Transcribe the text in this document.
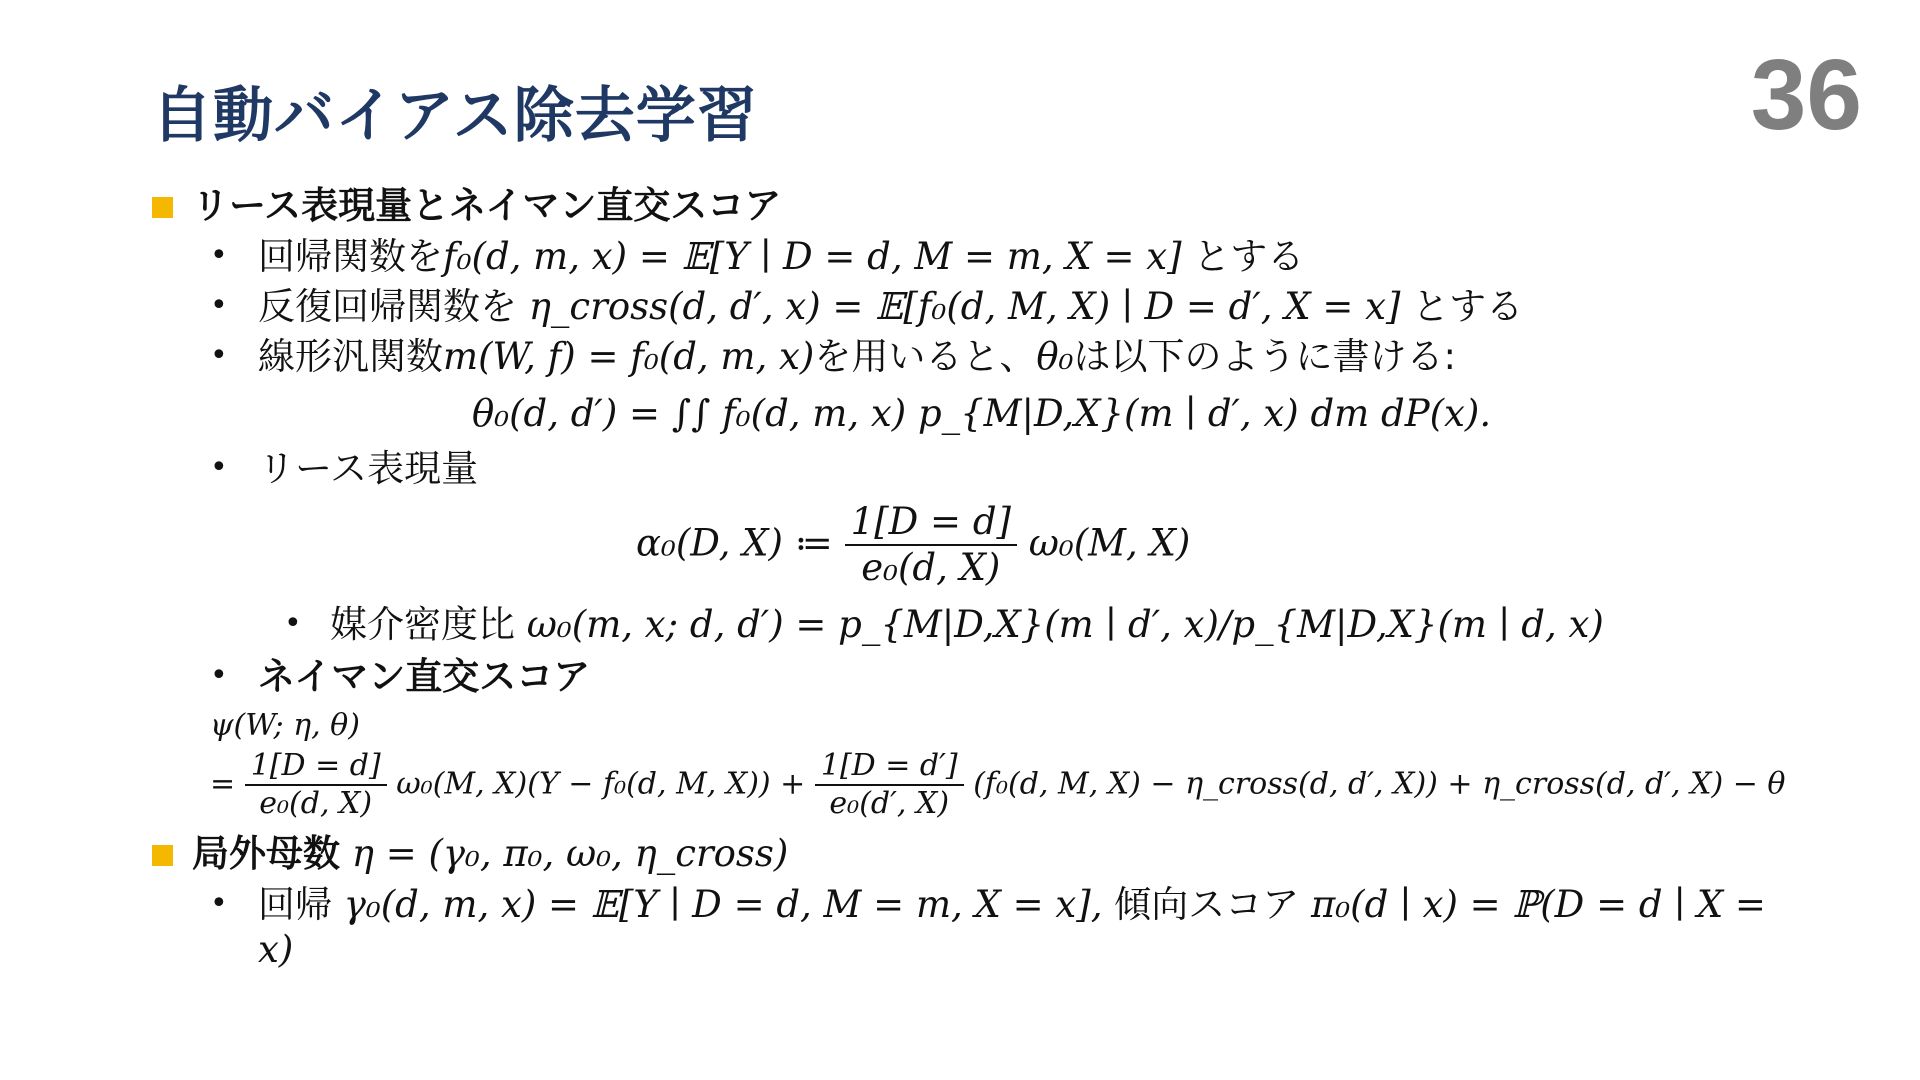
自動バイアス除去学習	36
リース表現量とネイマン直交スコア
• 回帰関数をf₀(d, m, x) = 𝔼[Y ∣ D = d, M = m, X = x] とする
• 反復回帰関数を η_cross(d, d′, x) = 𝔼[f₀(d, M, X) ∣ D = d′, X = x] とする
• 線形汎関数m(W, f) = f₀(d, m, x)を用いると、θ₀は以下のように書ける:
θ₀(d, d′) = ∫∫ f₀(d, m, x) p_{M|D,X}(m ∣ d′, x) dm dP(x).
• リース表現量
α₀(D, X) ≔ $\frac{1[D = d]}{\text{e₀(d, X)}} \omega_0(M$, X)
• 媒介密度比 ω₀(m, x; d, d′) = p_{M|D,X}(m ∣ d′, x)/p_{M|D,X}(m ∣ d, x)
• ネイマン直交スコア
ψ(W; η, θ)
= $\frac{1[D = d]}{\text{e₀(d, X)}} \omega_0(M$, X)(Y − f₀(d, M, $X)) + \frac{1[D = d']}{\text{e₀(d′, X)}} (f_0(d$, M, X) − η_cross(d, d′, X)) + η_cross(d, d′, X) − θ
局外母数 η = (γ₀, π₀, ω₀, η_cross)
• 回帰 γ₀(d, m, x) = 𝔼[Y ∣ D = d, M = m, X = x], 傾向スコア π₀(d ∣ x) = ℙ(D = d ∣ X =
x)
